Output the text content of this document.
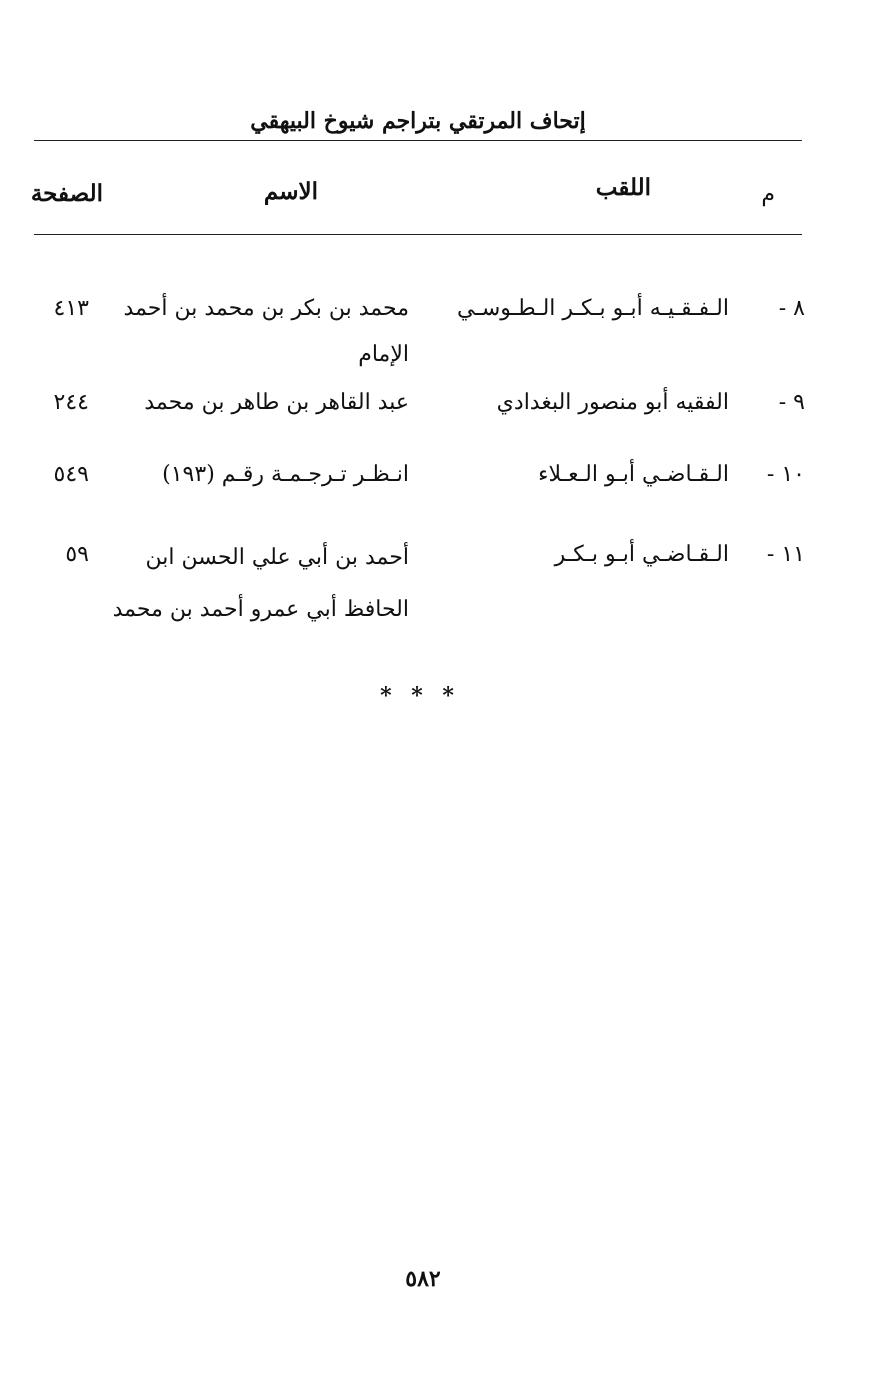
إتحاف المرتقي بتراجم شيوخ البيهقي
م
اللقب
الاسم
الصفحة
٨ -
الـفـقـيـه أبـو بـكـر الـطـوسـي
محمد بن بكر بن محمد بن أحمد الإمام
٤١٣
٩ -
الفقيه أبو منصور البغدادي
عبد القاهر بن طاهر بن محمد
٢٤٤
١٠ -
الـقـاضـي أبـو الـعـلاء
انـظـر تـرجـمـة رقـم (١٩٣)
٥٤٩
١١ -
الـقـاضـي أبـو بـكـر
أحمد بن أبي علي الحسن ابن الحافظ أبي عمرو أحمد بن محمد
٥٩
* * *
٥٨٢
